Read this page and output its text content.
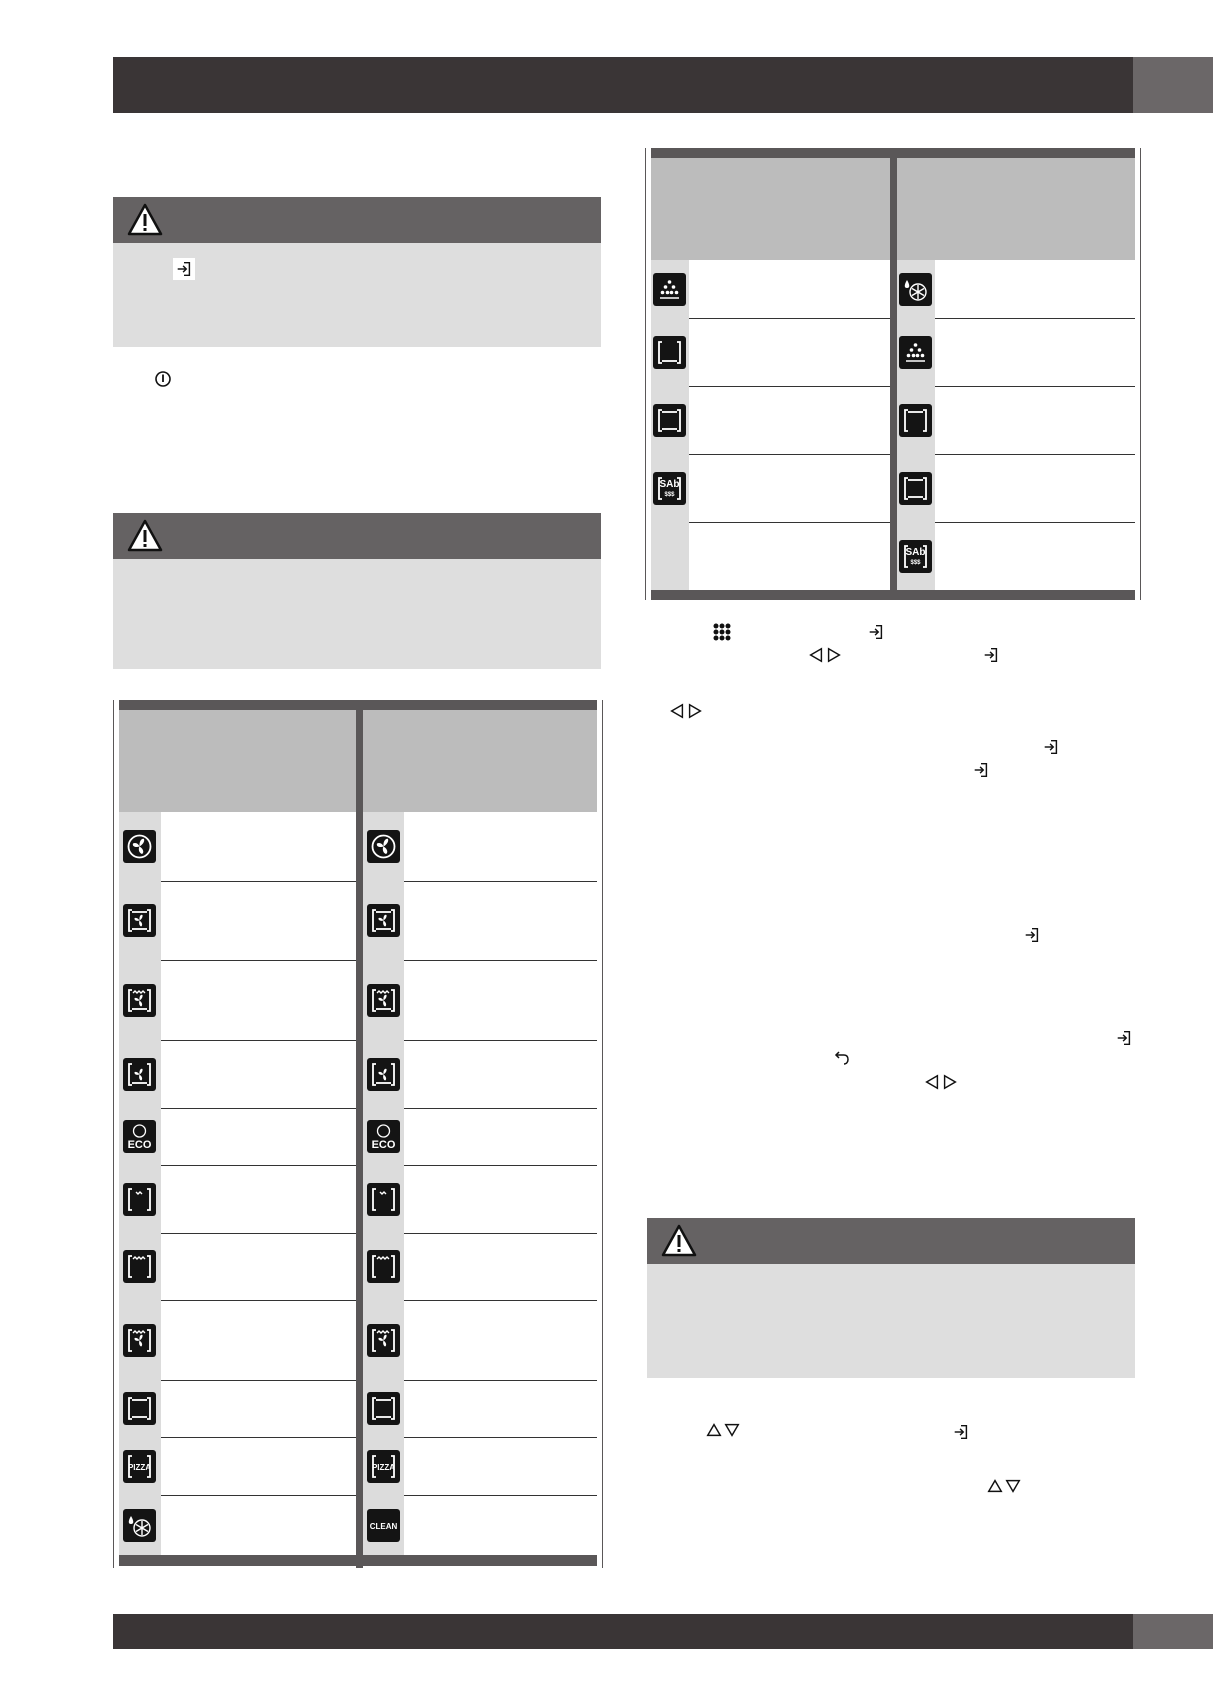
ECO	ECO
PIZZA	PIZZA
CLEAN
SAb
$$$
SAb
$$$
